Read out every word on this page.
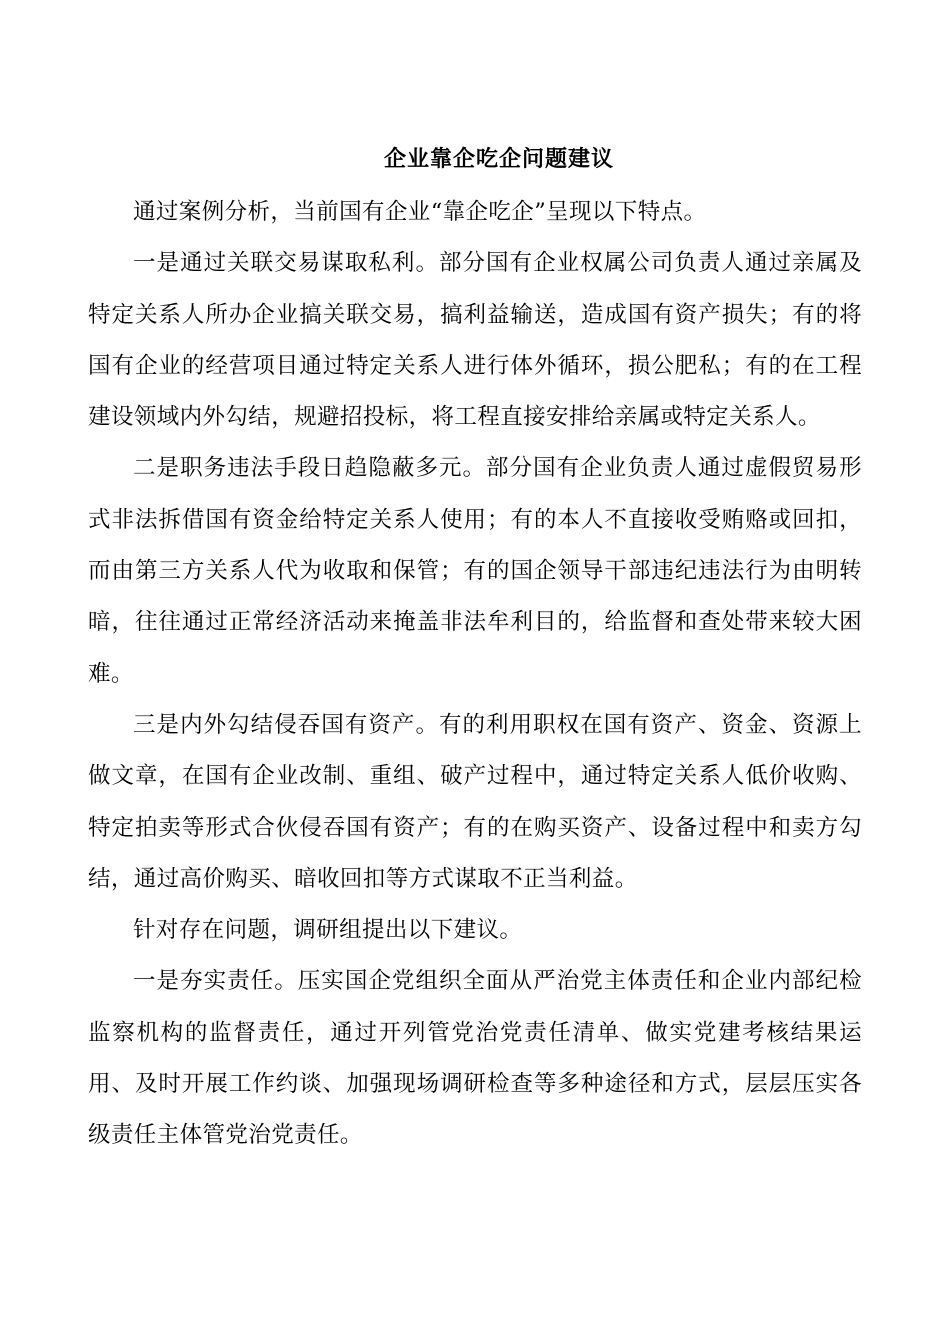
企业靠企吃企问题建议

通过案例分析，当前国有企业“靠企吃企”呈现以下特点。

一是通过关联交易谋取私利。部分国有企业权属公司负责人通过亲属及特定关系人所办企业搞关联交易，搞利益输送，造成国有资产损失；有的将国有企业的经营项目通过特定关系人进行体外循环，损公肥私；有的在工程建设领域内外勾结，规避招投标，将工程直接安排给亲属或特定关系人。

二是职务违法手段日趋隐蔽多元。部分国有企业负责人通过虚假贸易形式非法拆借国有资金给特定关系人使用；有的本人不直接收受贿赂或回扣，而由第三方关系人代为收取和保管；有的国企领导干部违纪违法行为由明转暗，往往通过正常经济活动来掩盖非法牟利目的，给监督和查处带来较大困难。

三是内外勾结侵吞国有资产。有的利用职权在国有资产、资金、资源上做文章，在国有企业改制、重组、破产过程中，通过特定关系人低价收购、特定拍卖等形式合伙侵吞国有资产；有的在购买资产、设备过程中和卖方勾结，通过高价购买、暗收回扣等方式谋取不正当利益。

针对存在问题，调研组提出以下建议。

一是夯实责任。压实国企党组织全面从严治党主体责任和企业内部纪检监察机构的监督责任，通过开列管党治党责任清单、做实党建考核结果运用、及时开展工作约谈、加强现场调研检查等多种途径和方式，层层压实各级责任主体管党治党责任。
